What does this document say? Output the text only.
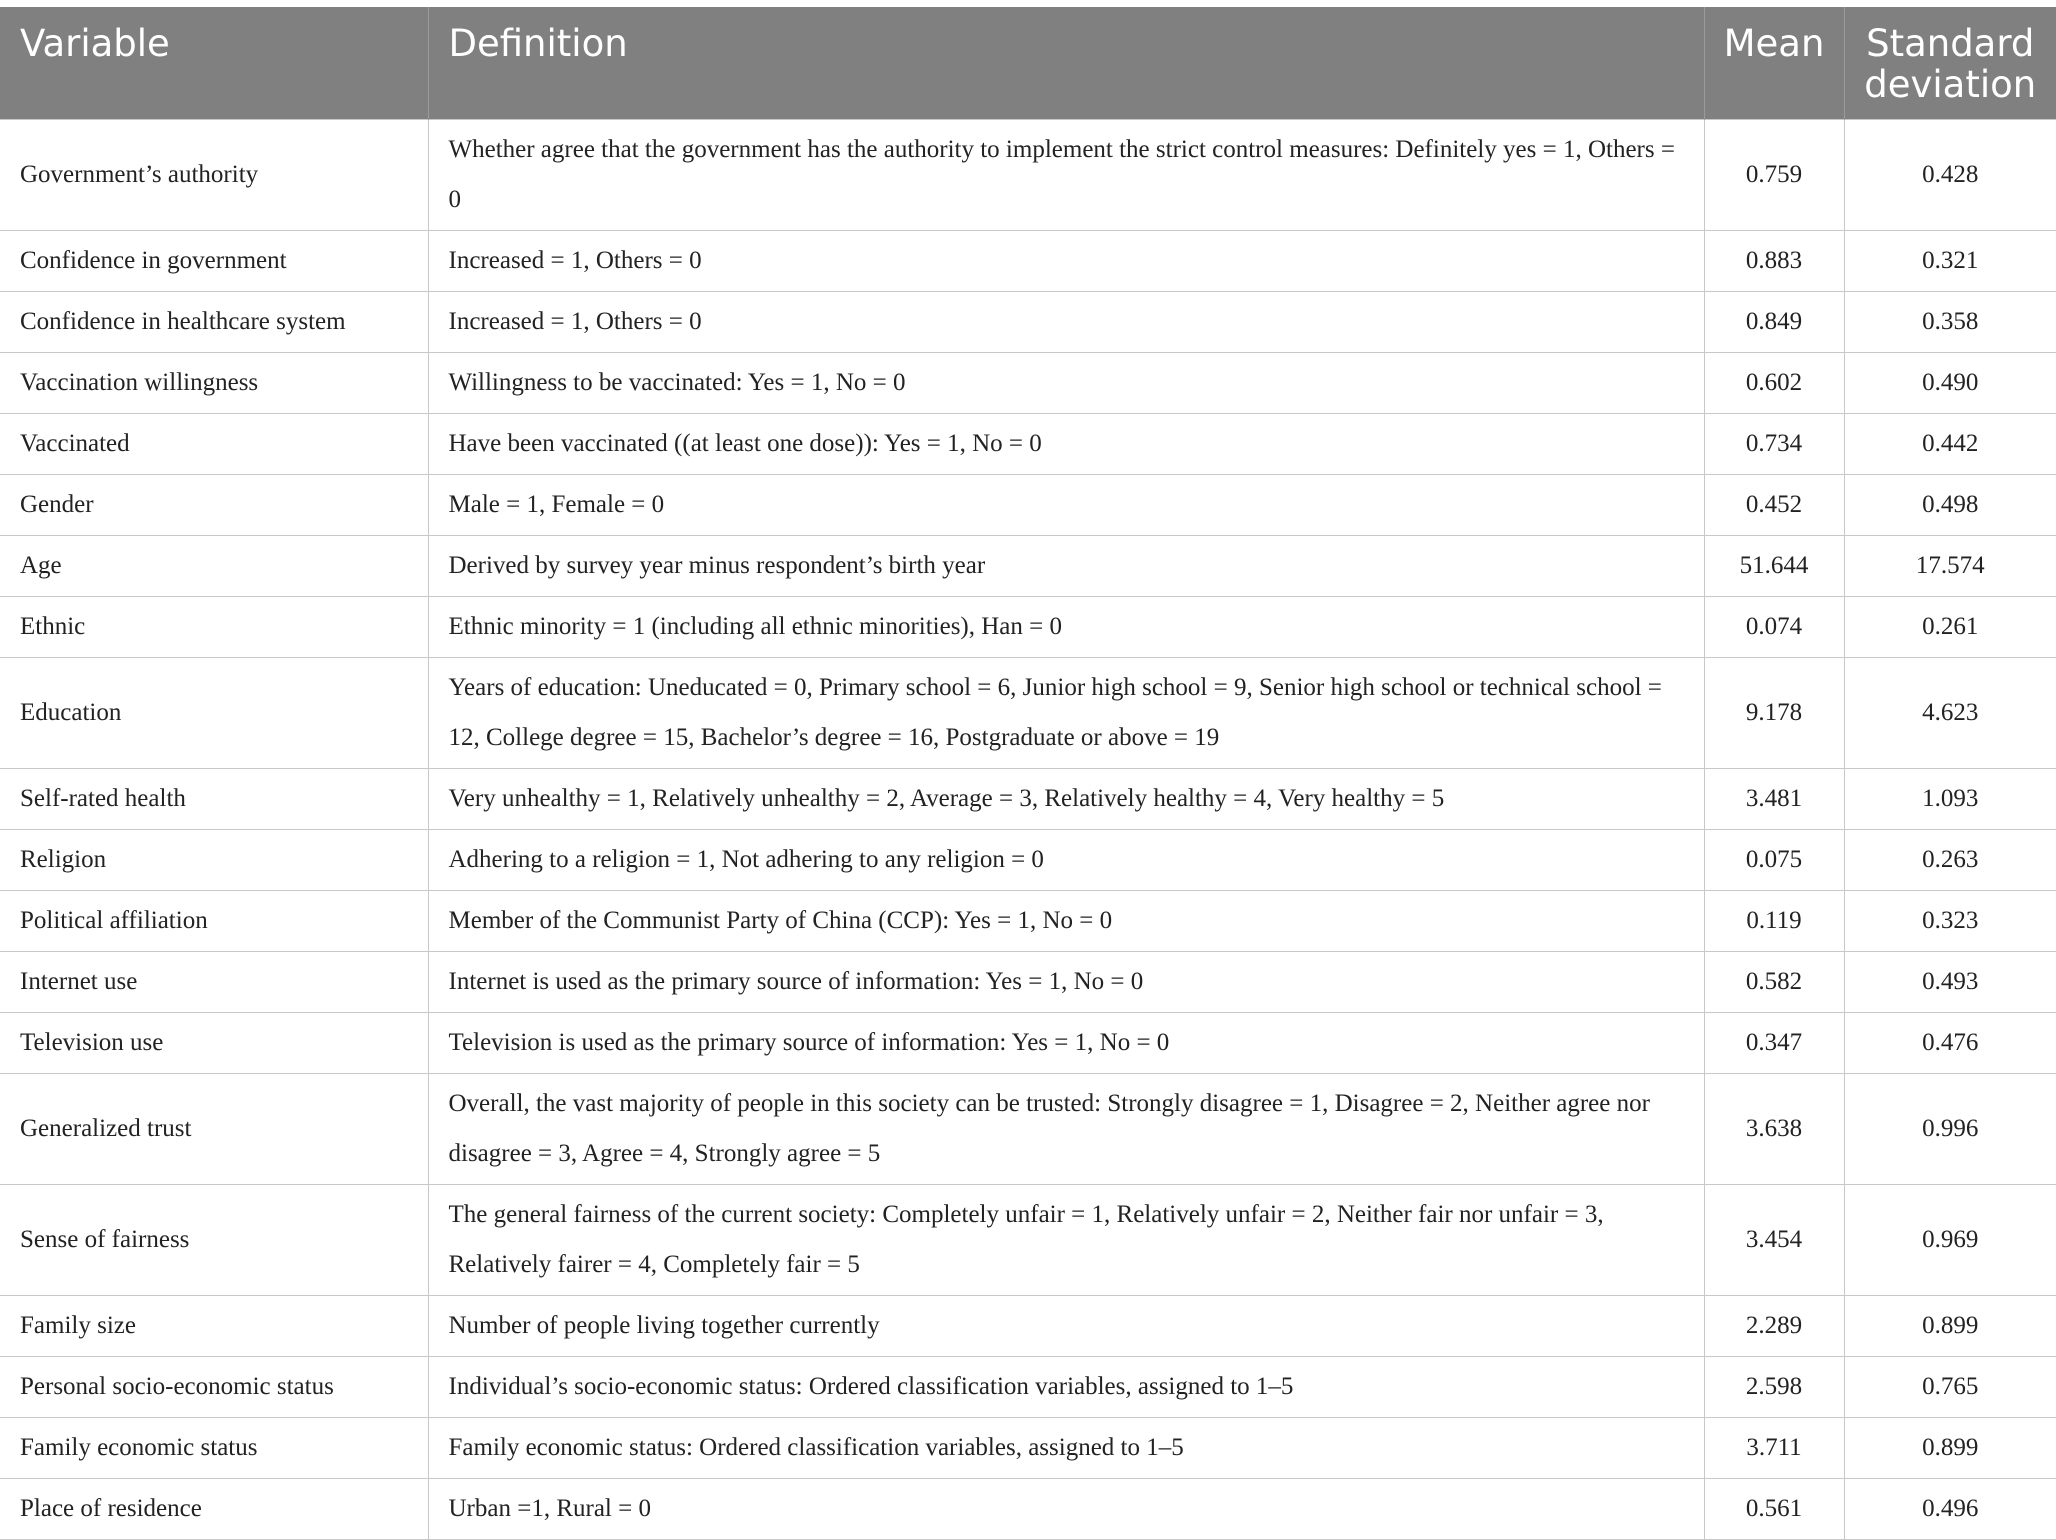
Variable	Definition	Mean	Standard deviation
Government’s authority	Whether agree that the government has the authority to implement the strict control measures: Definitely yes = 1, Others = 0	0.759	0.428
Confidence in government	Increased = 1, Others = 0	0.883	0.321
Confidence in healthcare system	Increased = 1, Others = 0	0.849	0.358
Vaccination willingness	Willingness to be vaccinated: Yes = 1, No = 0	0.602	0.490
Vaccinated	Have been vaccinated ((at least one dose)): Yes = 1, No = 0	0.734	0.442
Gender	Male = 1, Female = 0	0.452	0.498
Age	Derived by survey year minus respondent’s birth year	51.644	17.574
Ethnic	Ethnic minority = 1 (including all ethnic minorities), Han = 0	0.074	0.261
Education	Years of education: Uneducated = 0, Primary school = 6, Junior high school = 9, Senior high school or technical school = 12, College degree = 15, Bachelor’s degree = 16, Postgraduate or above = 19	9.178	4.623
Self-rated health	Very unhealthy = 1, Relatively unhealthy = 2, Average = 3, Relatively healthy = 4, Very healthy = 5	3.481	1.093
Religion	Adhering to a religion = 1, Not adhering to any religion = 0	0.075	0.263
Political affiliation	Member of the Communist Party of China (CCP): Yes = 1, No = 0	0.119	0.323
Internet use	Internet is used as the primary source of information: Yes = 1, No = 0	0.582	0.493
Television use	Television is used as the primary source of information: Yes = 1, No = 0	0.347	0.476
Generalized trust	Overall, the vast majority of people in this society can be trusted: Strongly disagree = 1, Disagree = 2, Neither agree nor disagree = 3, Agree = 4, Strongly agree = 5	3.638	0.996
Sense of fairness	The general fairness of the current society: Completely unfair = 1, Relatively unfair = 2, Neither fair nor unfair = 3, Relatively fairer = 4, Completely fair = 5	3.454	0.969
Family size	Number of people living together currently	2.289	0.899
Personal socio-economic status	Individual’s socio-economic status: Ordered classification variables, assigned to 1–5	2.598	0.765
Family economic status	Family economic status: Ordered classification variables, assigned to 1–5	3.711	0.899
Place of residence	Urban =1, Rural = 0	0.561	0.496
